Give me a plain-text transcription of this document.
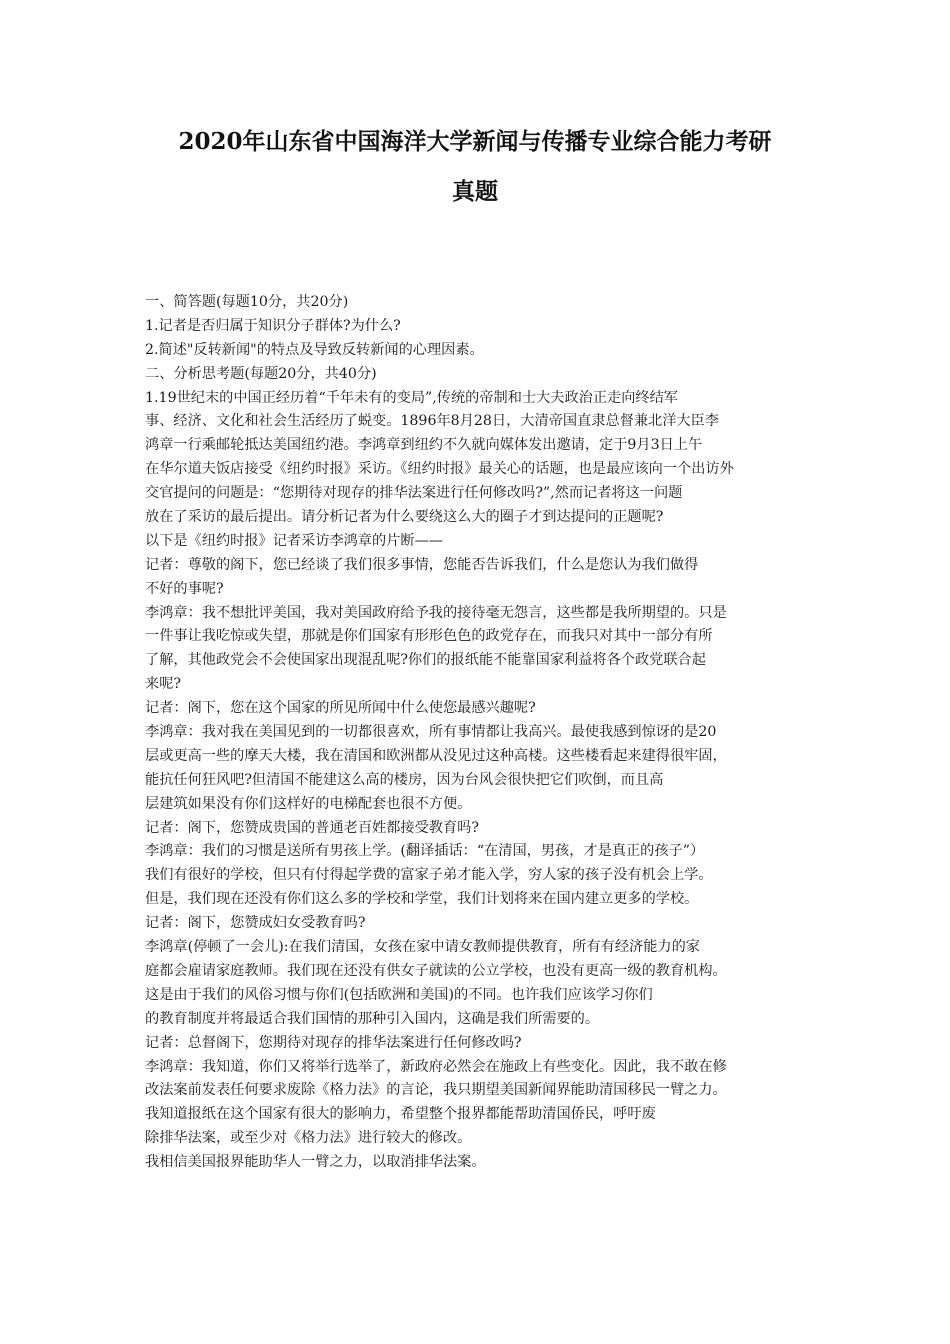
2020年山东省中国海洋大学新闻与传播专业综合能力考研
真题
一、简答题(每题10分，共20分)
1.记者是否归属于知识分子群体?为什么?
2.简述"反转新闻"的特点及导致反转新闻的心理因素。
二、分析思考题(每题20分，共40分)
1.19世纪末的中国正经历着“千年未有的变局”,传统的帝制和士大夫政治正走向终结军
事、经济、文化和社会生活经历了蜕变。1896年8月28日，大清帝国直隶总督兼北洋大臣李
鸿章一行乘邮轮抵达美国纽约港。李鸿章到纽约不久就向媒体发出邀请，定于9月3日上午
在华尔道夫饭店接受《纽约时报》采访。《纽约时报》最关心的话题，也是最应该向一个出访外
交官提问的问题是：“您期待对现存的排华法案进行任何修改吗?”,然而记者将这一问题
放在了采访的最后提出。请分析记者为什么要绕这么大的圈子才到达提问的正题呢?
以下是《纽约时报》记者采访李鸿章的片断——
记者：尊敬的阁下，您已经谈了我们很多事情，您能否告诉我们，什么是您认为我们做得
不好的事呢?
李鸿章：我不想批评美国，我对美国政府给予我的接待毫无怨言，这些都是我所期望的。只是
一件事让我吃惊或失望，那就是你们国家有形形色色的政党存在，而我只对其中一部分有所
了解，其他政党会不会使国家出现混乱呢?你们的报纸能不能靠国家利益将各个政党联合起
来呢?
记者：阁下，您在这个国家的所见所闻中什么使您最感兴趣呢?
李鸿章：我对我在美国见到的一切都很喜欢，所有事情都让我高兴。最使我感到惊讶的是20
层或更高一些的摩天大楼，我在清国和欧洲都从没见过这种高楼。这些楼看起来建得很牢固，
能抗任何狂风吧?但清国不能建这么高的楼房，因为台风会很快把它们吹倒，而且高
层建筑如果没有你们这样好的电梯配套也很不方便。
记者：阁下，您赞成贵国的普通老百姓都接受教育吗?
李鸿章：我们的习惯是送所有男孩上学。(翻译插话：“在清国，男孩，才是真正的孩子”）
我们有很好的学校，但只有付得起学费的富家子弟才能入学，穷人家的孩子没有机会上学。
但是，我们现在还没有你们这么多的学校和学堂，我们计划将来在国内建立更多的学校。
记者：阁下，您赞成妇女受教育吗?
李鸿章(停顿了一会儿):在我们清国，女孩在家中请女教师提供教育，所有有经济能力的家
庭都会雇请家庭教师。我们现在还没有供女子就读的公立学校，也没有更高一级的教育机构。
这是由于我们的风俗习惯与你们(包括欧洲和美国)的不同。也许我们应该学习你们
的教育制度并将最适合我们国情的那种引入国内，这确是我们所需要的。
记者：总督阁下，您期待对现存的排华法案进行任何修改吗?
李鸿章：我知道，你们又将举行选举了，新政府必然会在施政上有些变化。因此，我不敢在修
改法案前发表任何要求废除《格力法》的言论，我只期望美国新闻界能助清国移民一臂之力。
我知道报纸在这个国家有很大的影响力，希望整个报界都能帮助清国侨民，呼吁废
除排华法案，或至少对《格力法》进行较大的修改。
我相信美国报界能助华人一臂之力，以取消排华法案。
